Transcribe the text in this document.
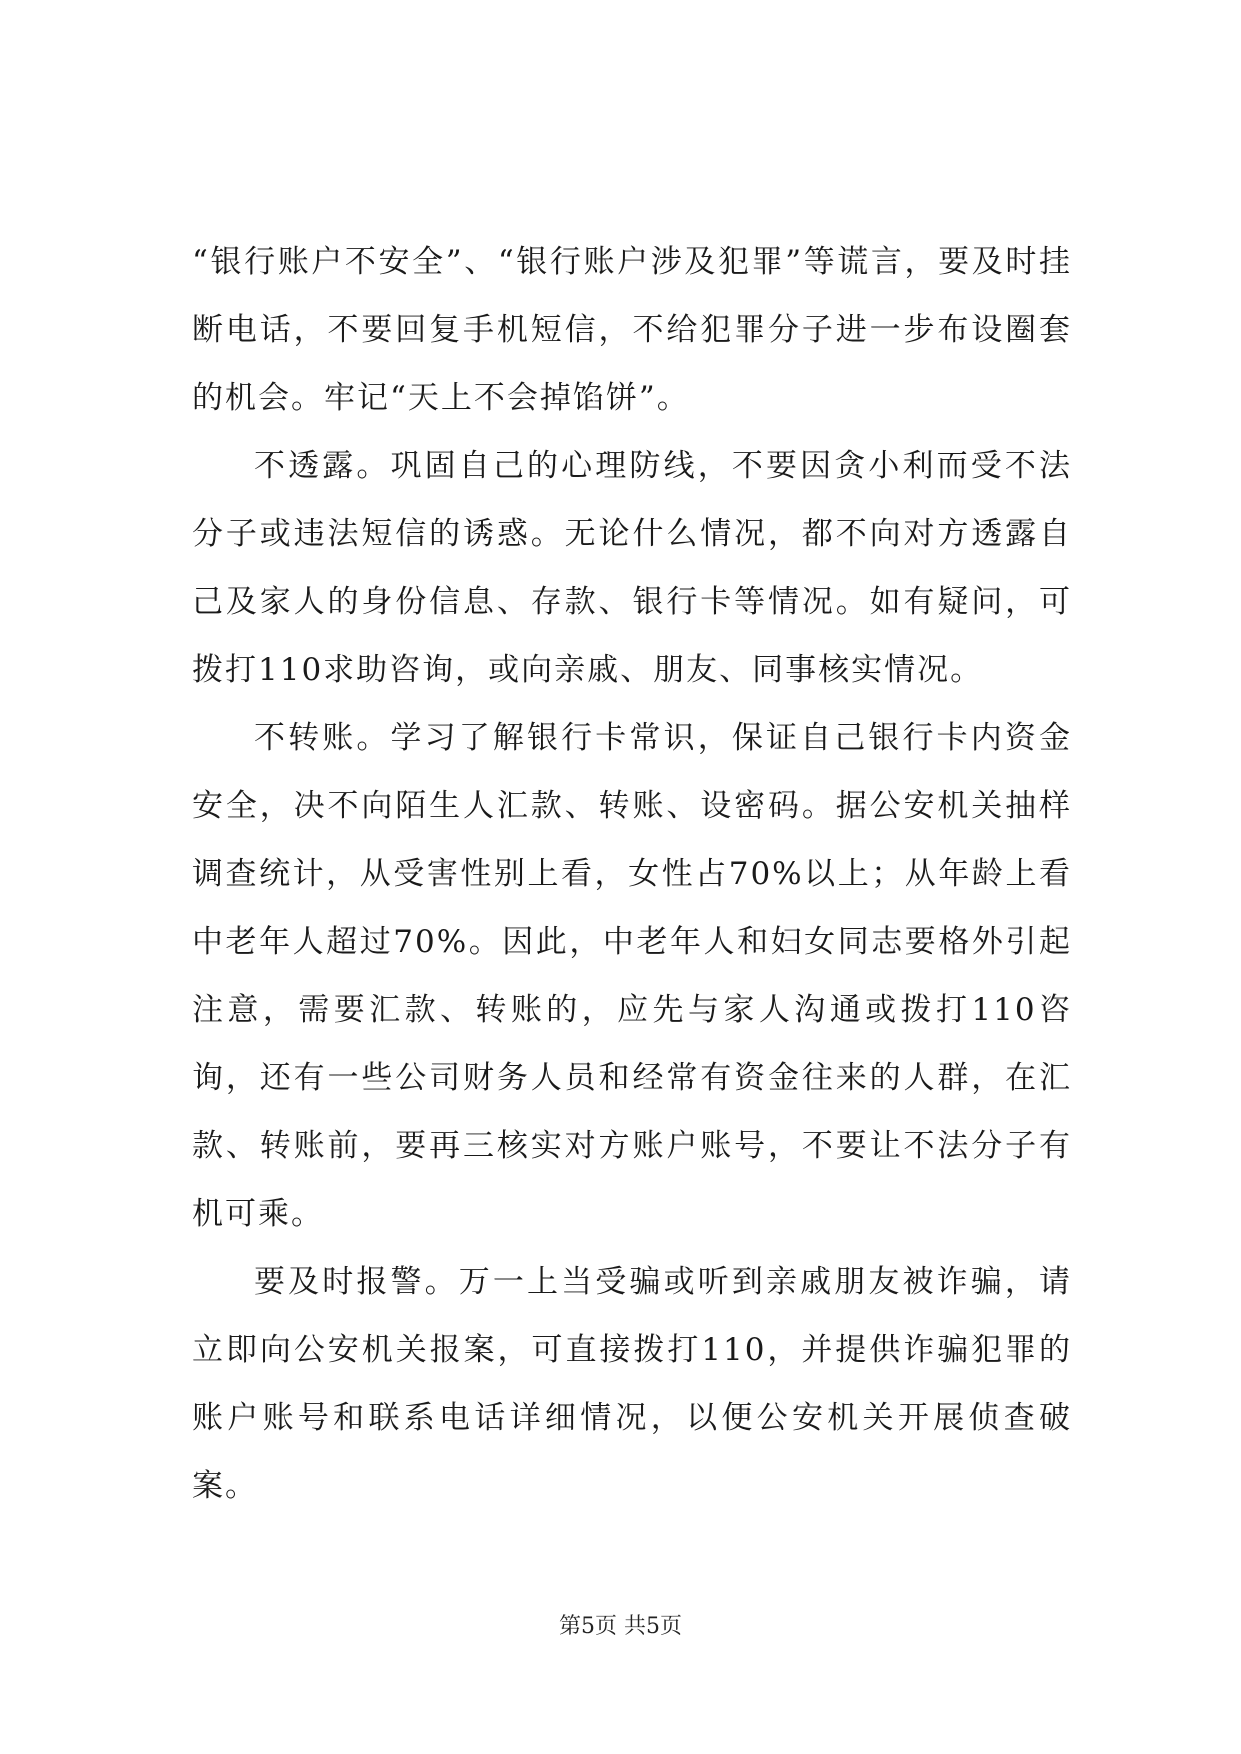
“银行账户不安全”、“银行账户涉及犯罪”等谎言，要及时挂断电话，不要回复手机短信，不给犯罪分子进一步布设圈套的机会。牢记“天上不会掉馅饼”。

不透露。巩固自己的心理防线，不要因贪小利而受不法分子或违法短信的诱惑。无论什么情况，都不向对方透露自己及家人的身份信息、存款、银行卡等情况。如有疑问，可拨打110求助咨询，或向亲戚、朋友、同事核实情况。

不转账。学习了解银行卡常识，保证自己银行卡内资金安全，决不向陌生人汇款、转账、设密码。据公安机关抽样调查统计，从受害性别上看，女性占70%以上；从年龄上看中老年人超过70%。因此，中老年人和妇女同志要格外引起注意，需要汇款、转账的，应先与家人沟通或拨打110咨询，还有一些公司财务人员和经常有资金往来的人群，在汇款、转账前，要再三核实对方账户账号，不要让不法分子有机可乘。

要及时报警。万一上当受骗或听到亲戚朋友被诈骗，请立即向公安机关报案，可直接拨打110，并提供诈骗犯罪的账户账号和联系电话详细情况，以便公安机关开展侦查破案。

第5页 共5页
